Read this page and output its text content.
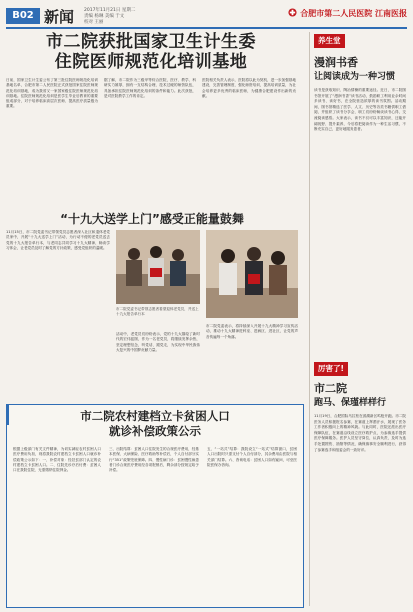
B02 新闻 2017年11月21日 星期二
责编 杨琳 美编 于文
校对 王丽
合肥市第二人民医院 江南医报
市二院获批国家卫生计生委
住院医师规范化培训基地
日前，国家卫生计生委公布了第三批住院医师规范化培训基地名单，合肥市第二人民医院正式获批国家住院医师规范化培训基地，成为我省又一家国家级住院医师规范化培训基地。住院医师规范化培训是医学生毕业后教育的重要组成部分，对于培养临床高层次医师、提高医疗质量极为重要。
据了解，市二院作为三级甲等综合医院，医疗、教学、科研实力雄厚，拥有一支结构合理、技术过硬的师资队伍，具备承担住院医师规范化培训的条件和能力。此次获批，是对医院教学工作的肯定。
医院相关负责人表示，医院将以此为契机，进一步加强基地建设，完善管理制度，强化师资培训，提高培训质量，为社会培养更多优秀的临床医师，为健康合肥建设作出新的贡献。
“十九大送学上门”感受正能量鼓舞
11月15日，市二院党委书记带领党员志愿者深入社区和退休老党员家中，开展“十九大送学上门”活动，为行动不便的老党员送去党的十九大报告单行本，与老同志共同学习十九大精神，畅谈学习体会，让老党员及时了解党的方针政策，感受党组织的温暖。
市二院党委书记带领志愿者看望退休老党员，并送上十九大报告单行本
活动中，老党员们纷纷表示，党的十九大描绘了新时代的宏伟蓝图，作为一名老党员，将继续发挥余热，坚定理想信念，听党话、跟党走，为实现中华民族伟大复兴的中国梦贡献力量。
市二院党委表示，将持续深入开展十九大精神学习宣传活动，推动十九大精神进科室、进病区、进社区，让党的声音传遍每一个角落。
市二院农村建档立卡贫困人口
就诊补偿政策公示
根据上级部门有关文件精神，为切实减轻农村贫困人口医疗费用负担，现将我院农村建档立卡贫困人口就诊补偿政策公示如下：一、补偿对象：经扶贫部门认定的农村建档立卡贫困人口。二、住院先诊疗后付费：贫困人口在我院住院，无需缴纳住院押金。
三、出院结算：贫困人口住院发生的合规医疗费用，经基本医保、大病保险、医疗救助等补偿后，个人自付部分实行“351”政策兜底保障。四、慢性病门诊：贫困慢性病患者门诊合规医疗费用经各项报销后，剩余部分按规定给予补偿。
五、“一站式”结算：我院设立“一站式”结算窗口，贫困人口出院时只需支付个人自付部分，其余费用由医院与相关部门结算。六、咨询电话：贫困人口如有疑问，可至医院医保办咨询。
养生堂
漫润书香
让阅读成为一种习惯
读书是获取知识、陶冶情操的重要途径。近日，市二院图书馆开展了“漫润书香”读书活动，鼓励职工利用业余时间多读书、读好书，在全院营造浓厚的读书氛围。活动期间，图书馆精选了医学、人文、历史等各类书籍供职工借阅，并组织了读书分享会，职工们纷纷畅谈读书心得，交流阅读感悟。大家表示，读书不仅可以丰富知识，还能开阔视野、提升素养，今后将把阅读作为一种生活习惯，不断充实自己，更好地服务患者。
厉害了!
市二院
跑马、保瑾样样行
11月19日，合肥国际马拉松在滨湖新区鸣枪开跑。市二院医务人员积极报名参赛，在赛道上挥洒汗水，展现了医务工作者积极向上的精神风貌。与此同时，医院还派出医疗保障队伍，在赛道沿线设立医疗救护点，为参赛选手提供医疗保障服务。医护人员坚守岗位，认真负责，及时为选手处置擦伤、抽筋等情况，确保赛事安全顺利进行，获得了参赛选手和组委会的一致好评。
